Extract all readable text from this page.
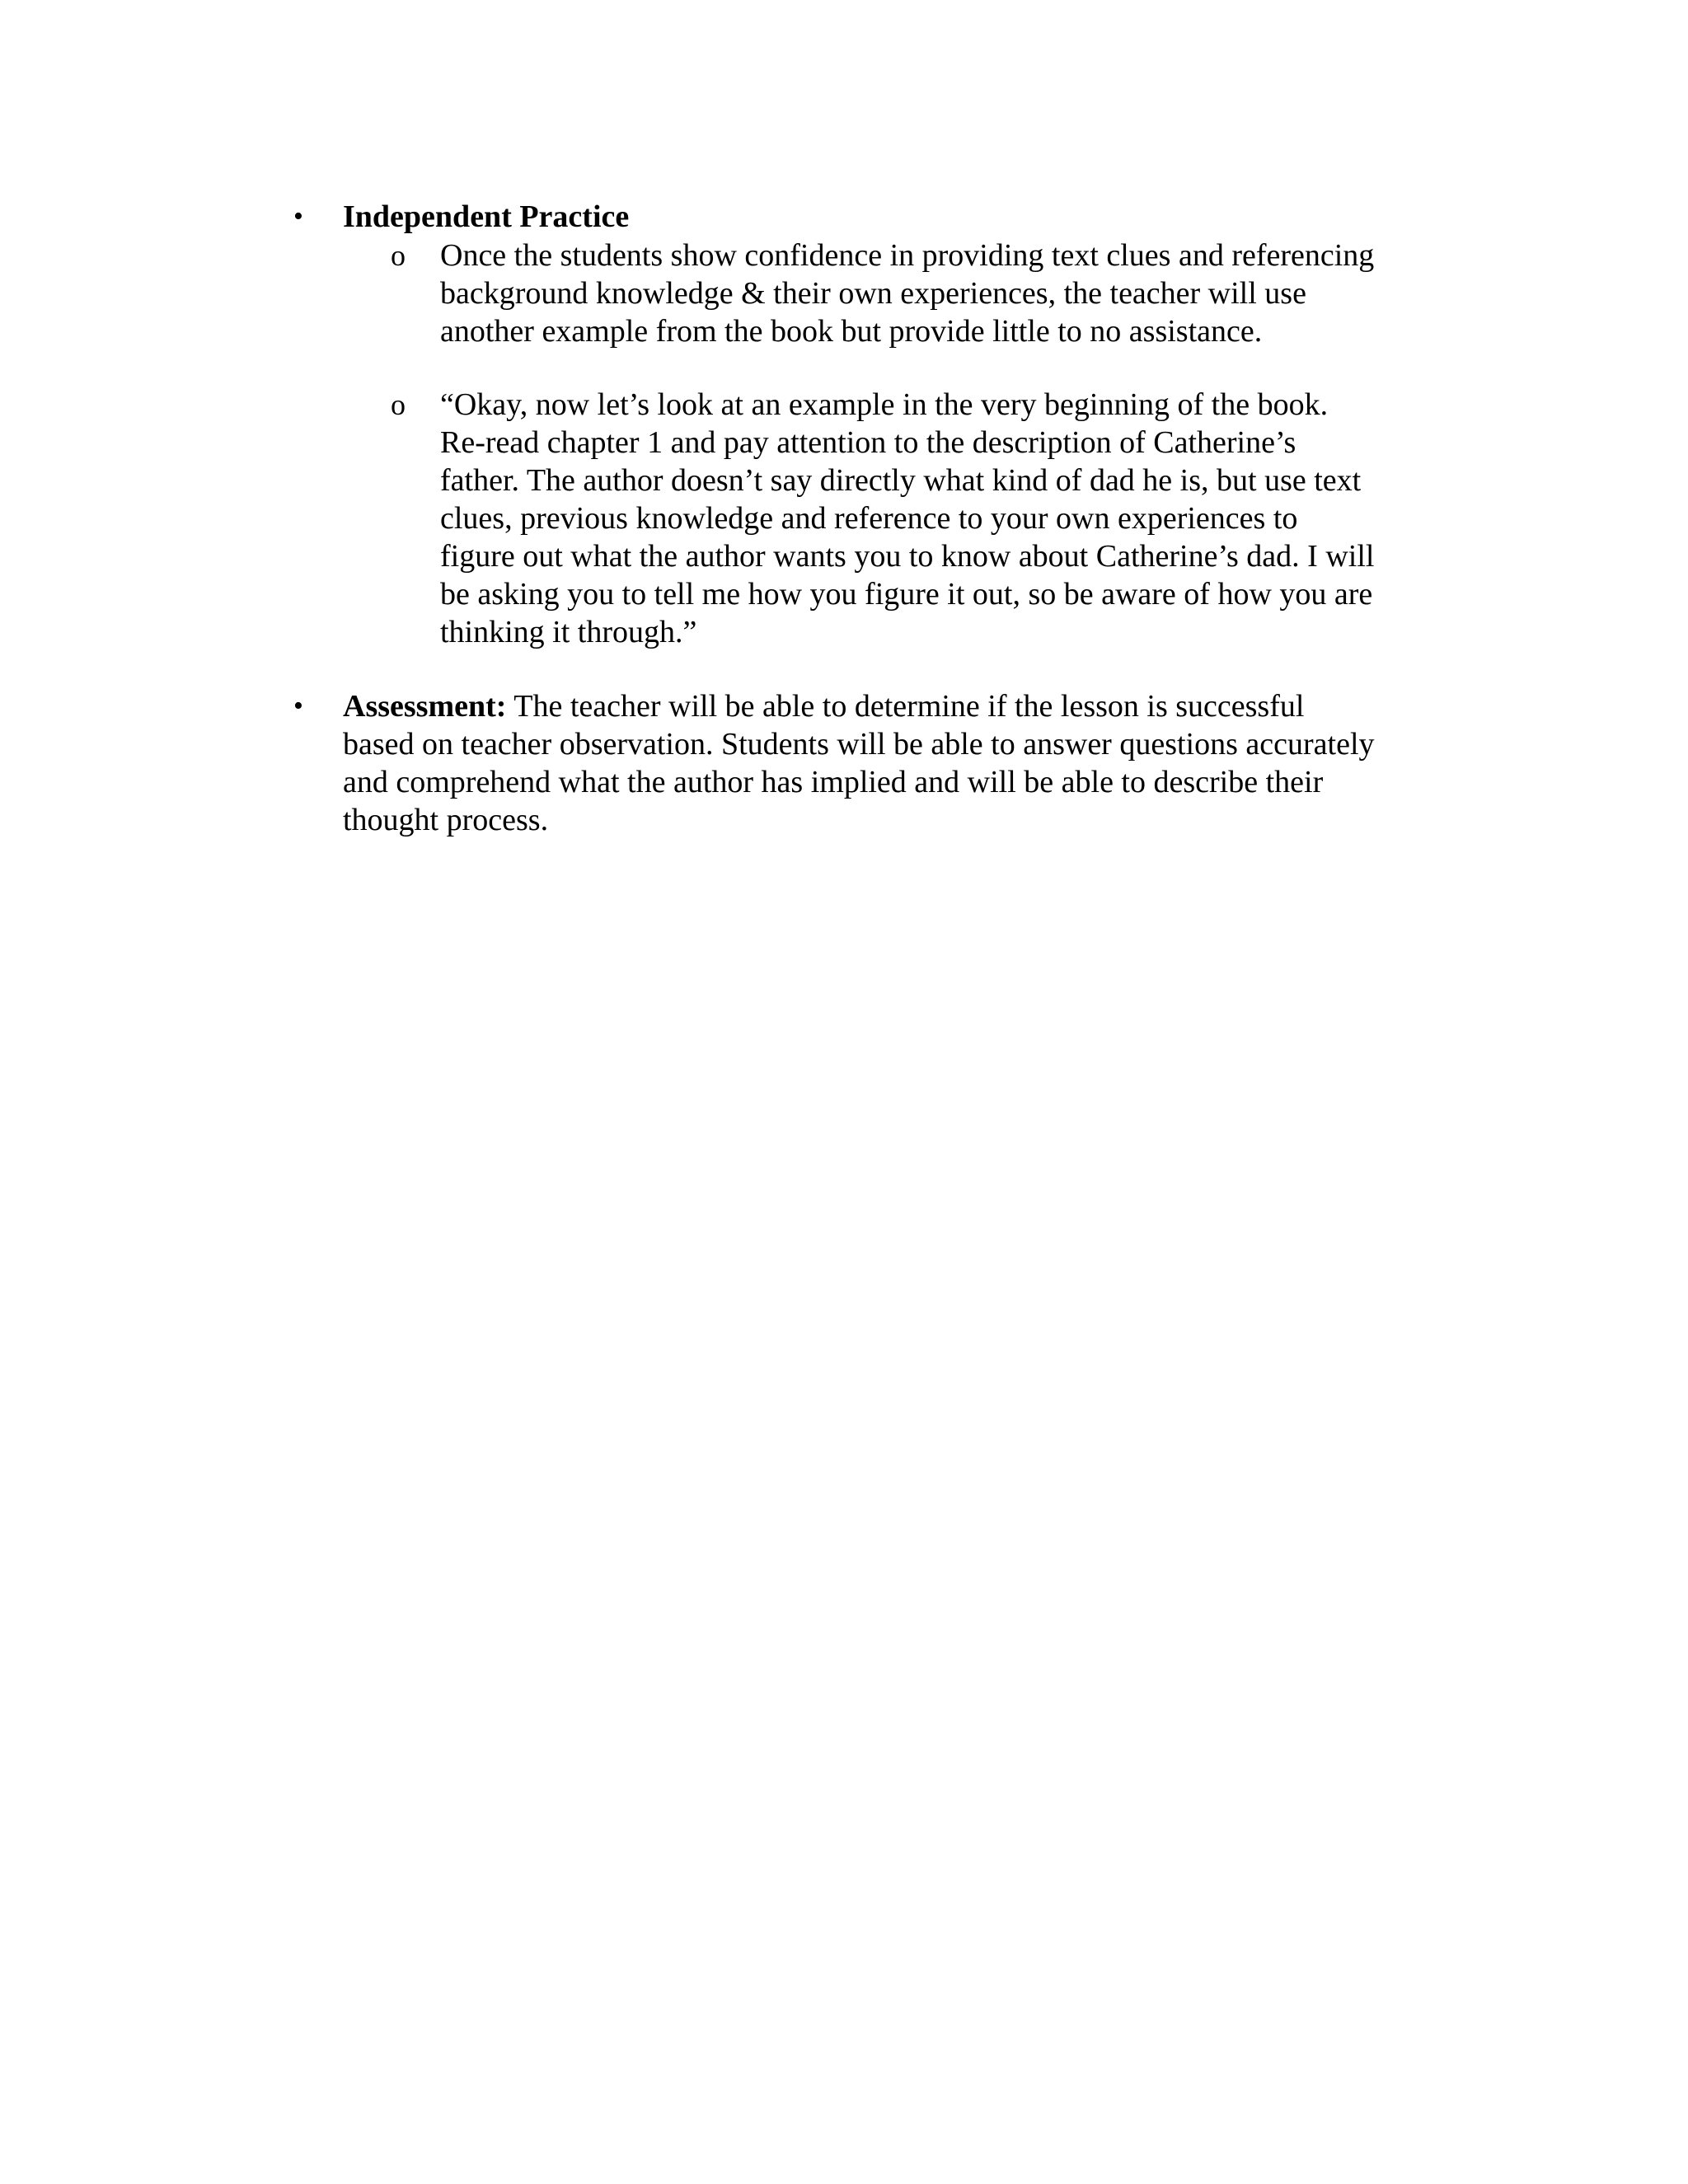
• Independent Practice
o Once the students show confidence in providing text clues and referencing
background knowledge & their own experiences, the teacher will use
another example from the book but provide little to no assistance.
o “Okay, now let’s look at an example in the very beginning of the book.
Re-read chapter 1 and pay attention to the description of Catherine’s
father. The author doesn’t say directly what kind of dad he is, but use text
clues, previous knowledge and reference to your own experiences to
figure out what the author wants you to know about Catherine’s dad. I will
be asking you to tell me how you figure it out, so be aware of how you are
thinking it through.”
• Assessment: The teacher will be able to determine if the lesson is successful
based on teacher observation. Students will be able to answer questions accurately
and comprehend what the author has implied and will be able to describe their
thought process.
